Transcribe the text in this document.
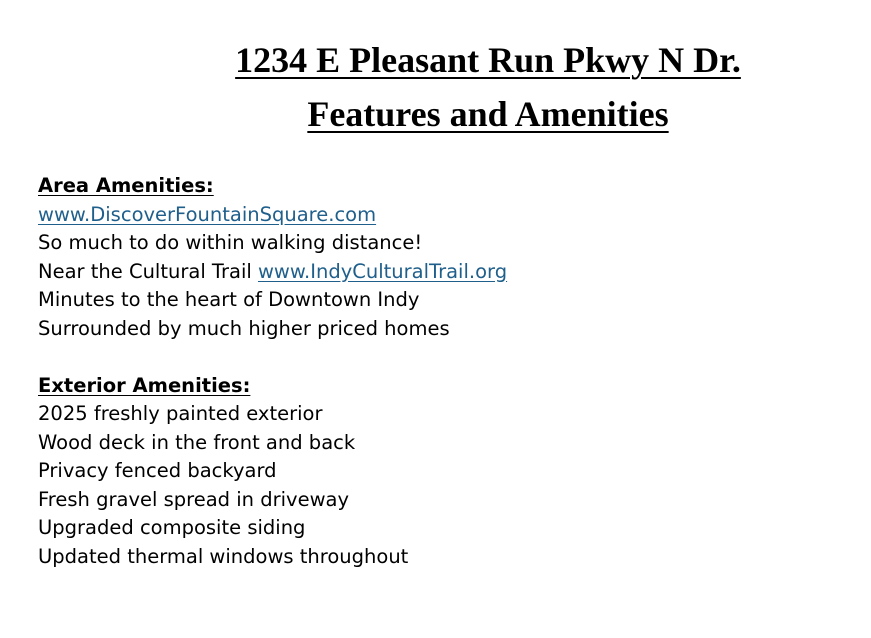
1234 E Pleasant Run Pkwy N Dr.
Features and Amenities
Area Amenities:
www.DiscoverFountainSquare.com
So much to do within walking distance!
Near the Cultural Trail www.IndyCulturalTrail.org
Minutes to the heart of Downtown Indy
Surrounded by much higher priced homes
Exterior Amenities:
2025 freshly painted exterior
Wood deck in the front and back
Privacy fenced backyard
Fresh gravel spread in driveway
Upgraded composite siding
Updated thermal windows throughout
